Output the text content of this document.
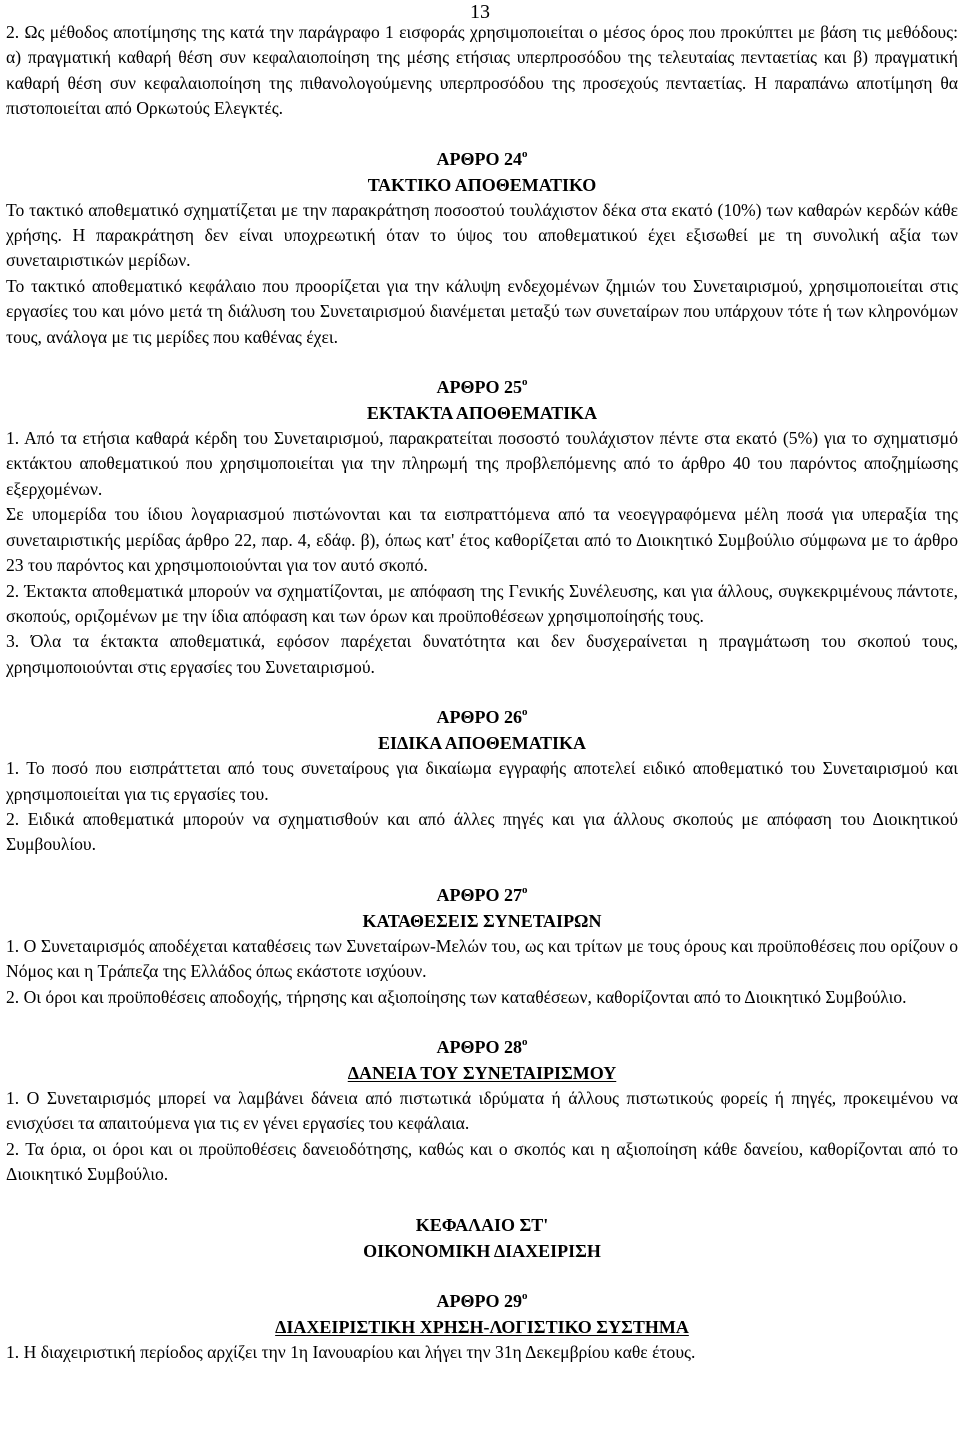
13

2. Ως μέθοδος αποτίμησης της κατά την παράγραφο 1 εισφοράς χρησιμοποιείται ο μέσος όρος που προκύπτει με βάση τις μεθόδους: α) πραγματική καθαρή θέση συν κεφαλαιοποίηση της μέσης ετήσιας υπερπροσόδου της τελευταίας πενταετίας και β) πραγματική καθαρή θέση συν κεφαλαιοποίηση της πιθανολογούμενης υπερπροσόδου της προσεχούς πενταετίας. Η παραπάνω αποτίμηση θα πιστοποιείται από Ορκωτούς Ελεγκτές.

ΑΡΘΡΟ $24^o$

ΤΑΚΤΙΚΟ ΑΠΟΘΕΜΑΤΙΚΟ

Το τακτικό αποθεματικό σχηματίζεται με την παρακράτηση ποσοστού τουλάχιστον δέκα στα εκατό (10%) των καθαρών κερδών κάθε χρήσης. Η παρακράτηση δεν είναι υποχρεωτική όταν το ύψος του αποθεματικού έχει εξισωθεί με τη συνολική αξία των συνεταιριστικών μερίδων.

Το τακτικό αποθεματικό κεφάλαιο που προορίζεται για την κάλυψη ενδεχομένων ζημιών του Συνεταιρισμού, χρησιμοποιείται στις εργασίες του και μόνο μετά τη διάλυση του Συνεταιρισμού διανέμεται μεταξύ των συνεταίρων που υπάρχουν τότε ή των κληρονόμων τους, ανάλογα με τις μερίδες που καθένας έχει.

ΑΡΘΡΟ $25^o$

ΕΚΤΑΚΤΑ ΑΠΟΘΕΜΑΤΙΚΑ

1. Από τα ετήσια καθαρά κέρδη του Συνεταιρισμού, παρακρατείται ποσοστό τουλάχιστον πέντε στα εκατό (5%) για το σχηματισμό εκτάκτου αποθεματικού που χρησιμοποιείται για την πληρωμή της προβλεπόμενης από το άρθρο 40 του παρόντος αποζημίωσης εξερχομένων.

Σε υπομερίδα του ίδιου λογαριασμού πιστώνονται και τα εισπραττόμενα από τα νεοεγγραφόμενα μέλη ποσά για υπεραξία της συνεταιριστικής μερίδας άρθρο 22, παρ. 4, εδάφ. β), όπως κατ' έτος καθορίζεται από το Διοικητικό Συμβούλιο σύμφωνα με το άρθρο 23 του παρόντος και χρησιμοποιούνται για τον αυτό σκοπό.

2. Έκτακτα αποθεματικά μπορούν να σχηματίζονται, με απόφαση της Γενικής Συνέλευσης, και για άλλους, συγκεκριμένους πάντοτε, σκοπούς, οριζομένων με την ίδια απόφαση και των όρων και προϋποθέσεων χρησιμοποίησής τους.

3. Όλα τα έκτακτα αποθεματικά, εφόσον παρέχεται δυνατότητα και δεν δυσχεραίνεται η πραγμάτωση του σκοπού τους, χρησιμοποιούνται στις εργασίες του Συνεταιρισμού.

ΑΡΘΡΟ $26^o$

ΕΙΔΙΚΑ ΑΠΟΘΕΜΑΤΙΚΑ

1. Το ποσό που εισπράττεται από τους συνεταίρους για δικαίωμα εγγραφής αποτελεί ειδικό αποθεματικό του Συνεταιρισμού και χρησιμοποιείται για τις εργασίες του.

2. Ειδικά αποθεματικά μπορούν να σχηματισθούν και από άλλες πηγές και για άλλους σκοπούς με απόφαση του Διοικητικού Συμβουλίου.

ΑΡΘΡΟ $27^o$

ΚΑΤΑΘΕΣΕΙΣ ΣΥΝΕΤΑΙΡΩΝ

1. Ο Συνεταιρισμός αποδέχεται καταθέσεις των Συνεταίρων-Μελών του, ως και τρίτων με τους όρους και προϋποθέσεις που ορίζουν ο Νόμος και η Τράπεζα της Ελλάδος όπως εκάστοτε ισχύουν.

2. Οι όροι και προϋποθέσεις αποδοχής, τήρησης και αξιοποίησης των καταθέσεων, καθορίζονται από το Διοικητικό Συμβούλιο.

ΑΡΘΡΟ $28^o$

ΔΑΝΕΙΑ ΤΟΥ ΣΥΝΕΤΑΙΡΙΣΜΟΥ

1. Ο Συνεταιρισμός μπορεί να λαμβάνει δάνεια από πιστωτικά ιδρύματα ή άλλους πιστωτικούς φορείς ή πηγές, προκειμένου να ενισχύσει τα απαιτούμενα για τις εν γένει εργασίες του κεφάλαια.

2. Τα όρια, οι όροι και οι προϋποθέσεις δανειοδότησης, καθώς και ο σκοπός και η αξιοποίηση κάθε δανείου, καθορίζονται από το Διοικητικό Συμβούλιο.

ΚΕΦΑΛΑΙΟ ΣΤ'

ΟΙΚΟΝΟΜΙΚΗ ΔΙΑΧΕΙΡΙΣΗ

ΑΡΘΡΟ $29^o$

ΔΙΑΧΕΙΡΙΣΤΙΚΗ ΧΡΗΣΗ-ΛΟΓΙΣΤΙΚΟ ΣΥΣΤΗΜΑ

1. Η διαχειριστική περίοδος αρχίζει την 1η Ιανουαρίου και λήγει την 31η Δεκεμβρίου καθε έτους.
